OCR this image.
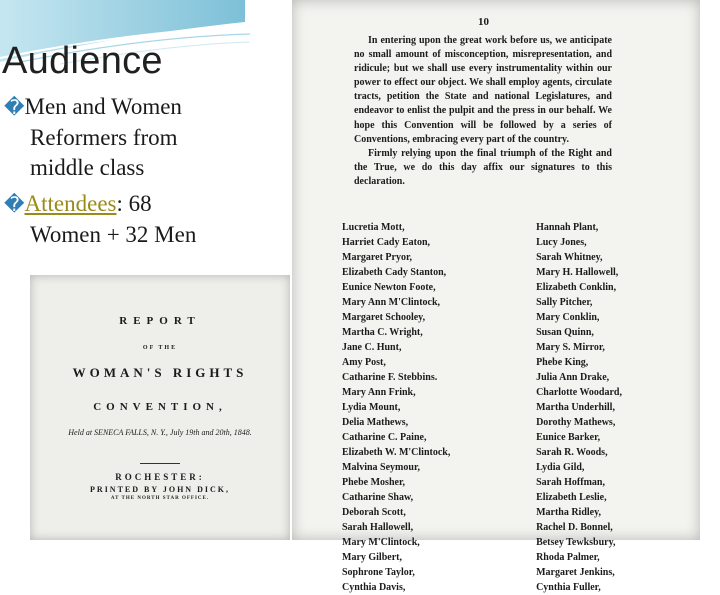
Audience
�Men and Women
Reformers from
middle class
�Attendees: 68
Women + 32 Men
REPORT
OF THE
WOMAN'S RIGHTS
CONVENTION,
Held at SENECA FALLS, N. Y., July 19th and 20th, 1848.
ROCHESTER:
PRINTED BY JOHN DICK,
AT THE NORTH STAR OFFICE.
10

In entering upon the great work before us, we anticipate no small amount of misconception, misrepresentation, and ridicule; but we shall use every instrumentality within our power to effect our object. We shall employ agents, circulate tracts, petition the State and national Legislatures, and endeavor to enlist the pulpit and the press in our behalf. We hope this Convention will be followed by a series of Conventions, embracing every part of the country.

Firmly relying upon the final triumph of the Right and the True, we do this day affix our signatures to this declaration.

Lucretia Mott,
Harriet Cady Eaton,
Margaret Pryor,
Elizabeth Cady Stanton,
Eunice Newton Foote,
Mary Ann M'Clintock,
Margaret Schooley,
Martha C. Wright,
Jane C. Hunt,
Amy Post,
Catharine F. Stebbins.
Mary Ann Frink,
Lydia Mount,
Delia Mathews,
Catharine C. Paine,
Elizabeth W. M'Clintock,
Malvina Seymour,
Phebe Mosher,
Catharine Shaw,
Deborah Scott,
Sarah Hallowell,
Mary M'Clintock,
Mary Gilbert,
Sophrone Taylor,
Cynthia Davis,
Hannah Plant,
Lucy Jones,
Sarah Whitney,
Mary H. Hallowell,
Elizabeth Conklin,
Sally Pitcher,
Mary Conklin,
Susan Quinn,
Mary S. Mirror,
Phebe King,
Julia Ann Drake,
Charlotte Woodard,
Martha Underhill,
Dorothy Mathews,
Eunice Barker,
Sarah R. Woods,
Lydia Gild,
Sarah Hoffman,
Elizabeth Leslie,
Martha Ridley,
Rachel D. Bonnel,
Betsey Tewksbury,
Rhoda Palmer,
Margaret Jenkins,
Cynthia Fuller,
